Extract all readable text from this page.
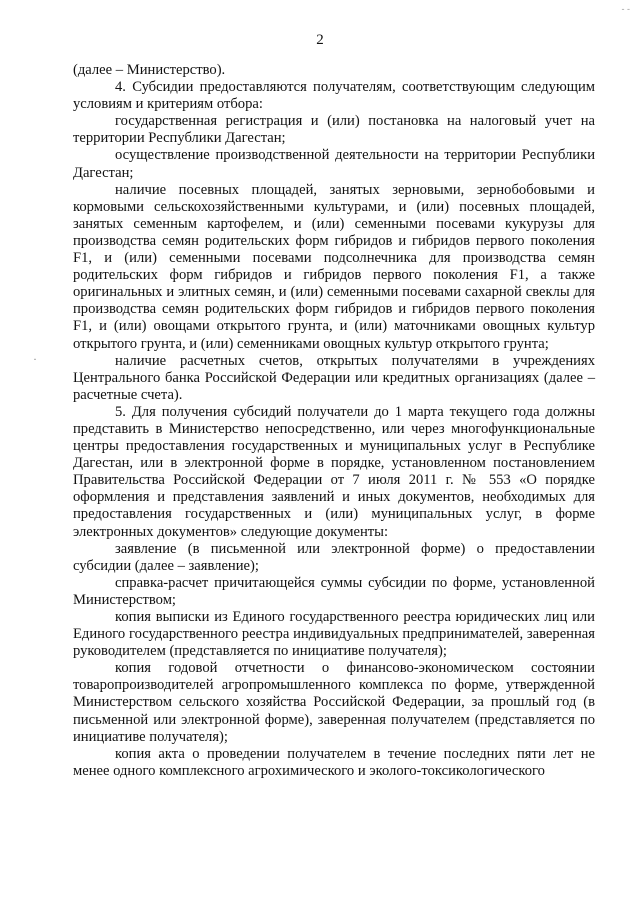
- -
2
·

(далее – Министерство).

4. Субсидии предоставляются получателям, соответствующим следующим условиям и критериям отбора:

государственная регистрация и (или) постановка на налоговый учет на территории Республики Дагестан;

осуществление производственной деятельности на территории Республики Дагестан;

наличие посевных площадей, занятых зерновыми, зернобобовыми и кормовыми сельскохозяйственными культурами, и (или) посевных площадей, занятых семенным картофелем, и (или) семенными посевами кукурузы для производства семян родительских форм гибридов и гибридов первого поколения F1, и (или) семенными посевами подсолнечника для производства семян родительских форм гибридов и гибридов первого поколения F1, а также оригинальных и элитных семян, и (или) семенными посевами сахарной свеклы для производства семян родительских форм гибридов и гибридов первого поколения F1, и (или) овощами открытого грунта, и (или) маточниками овощных культур открытого грунта, и (или) семенниками овощных культур открытого грунта;

наличие расчетных счетов, открытых получателями в учреждениях Центрального банка Российской Федерации или кредитных организациях (далее – расчетные счета).

5. Для получения субсидий получатели до 1 марта текущего года должны представить в Министерство непосредственно, или через многофункциональные центры предоставления государственных и муниципальных услуг в Республике Дагестан, или в электронной форме в порядке, установленном постановлением Правительства Российской Федерации от 7 июля 2011 г. № 553 «О порядке оформления и представления заявлений и иных документов, необходимых для предоставления государственных и (или) муниципальных услуг, в форме электронных документов» следующие документы:

заявление (в письменной или электронной форме) о предоставлении субсидии (далее – заявление);

справка-расчет причитающейся суммы субсидии по форме, установленной Министерством;

копия выписки из Единого государственного реестра юридических лиц или Единого государственного реестра индивидуальных предпринимателей, заверенная руководителем (представляется по инициативе получателя);

копия годовой отчетности о финансово-экономическом состоянии товаропроизводителей агропромышленного комплекса по форме, утвержденной Министерством сельского хозяйства Российской Федерации, за прошлый год (в письменной или электронной форме), заверенная получателем (представляется по инициативе получателя);

копия акта о проведении получателем в течение последних пяти лет не менее одного комплексного агрохимического и эколого-токсикологического
